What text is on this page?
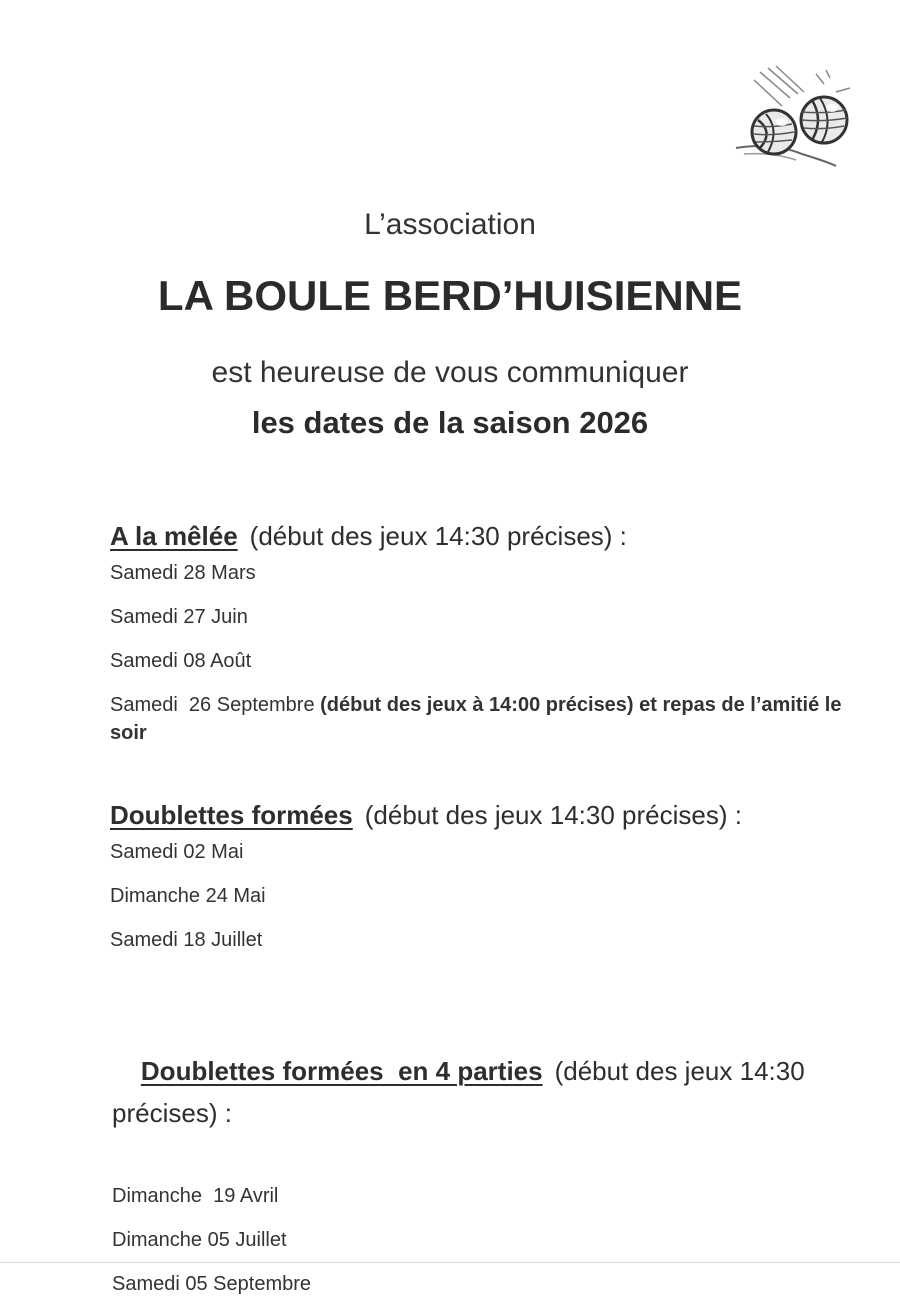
L’association
LA BOULE BERD’HUISIENNE
est heureuse de vous communiquer
les dates de la saison 2026

A la mêlée (début des jeux 14:30 précises) :

Samedi 28 Mars
Samedi 27 Juin
Samedi 08 Août
Samedi  26 Septembre (début des jeux à 14:00 précises) et repas de l’amitié le soir

Doublettes formées (début des jeux 14:30 précises) :

Samedi 02 Mai
Dimanche 24 Mai
Samedi 18 Juillet

Doublettes formées  en 4 parties (début des jeux 14:30 précises) :

Dimanche  19 Avril
Dimanche 05 Juillet
Samedi 05 Septembre
